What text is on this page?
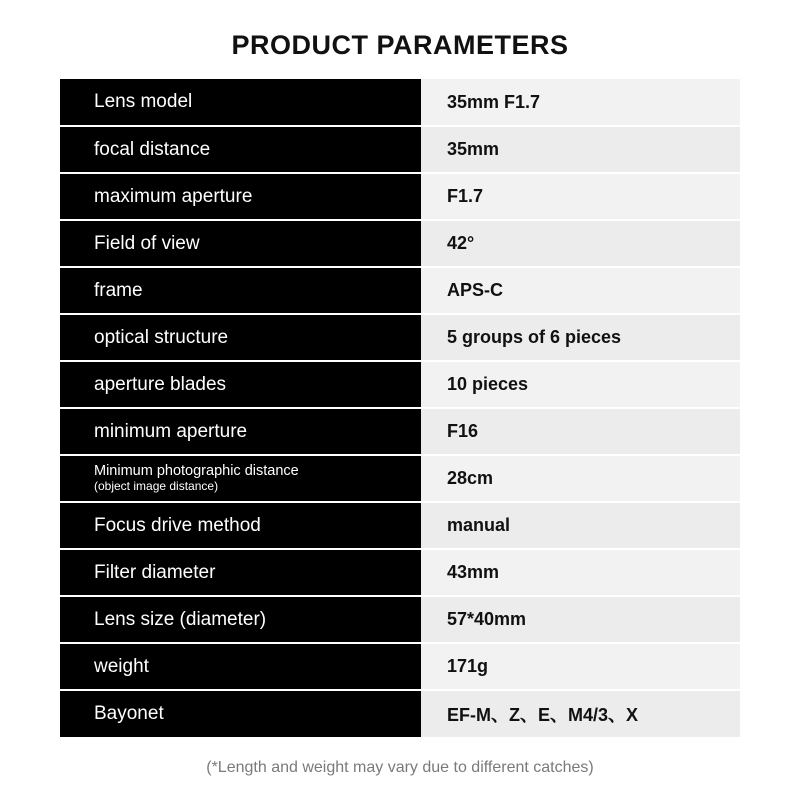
PRODUCT PARAMETERS
Lens model	35mm F1.7
focal distance	35mm
maximum aperture	F1.7
Field of view	42°
frame	APS-C
optical structure	5 groups of 6 pieces
aperture blades	10 pieces
minimum aperture	F16

Minimum photographic distance
(object image distance)	28cm
Focus drive method	manual
Filter diameter	43mm
Lens size (diameter)	57*40mm
weight	171g
Bayonet	EF-M、Z、E、M4/3、X
(*Length and weight may vary due to different catches)
